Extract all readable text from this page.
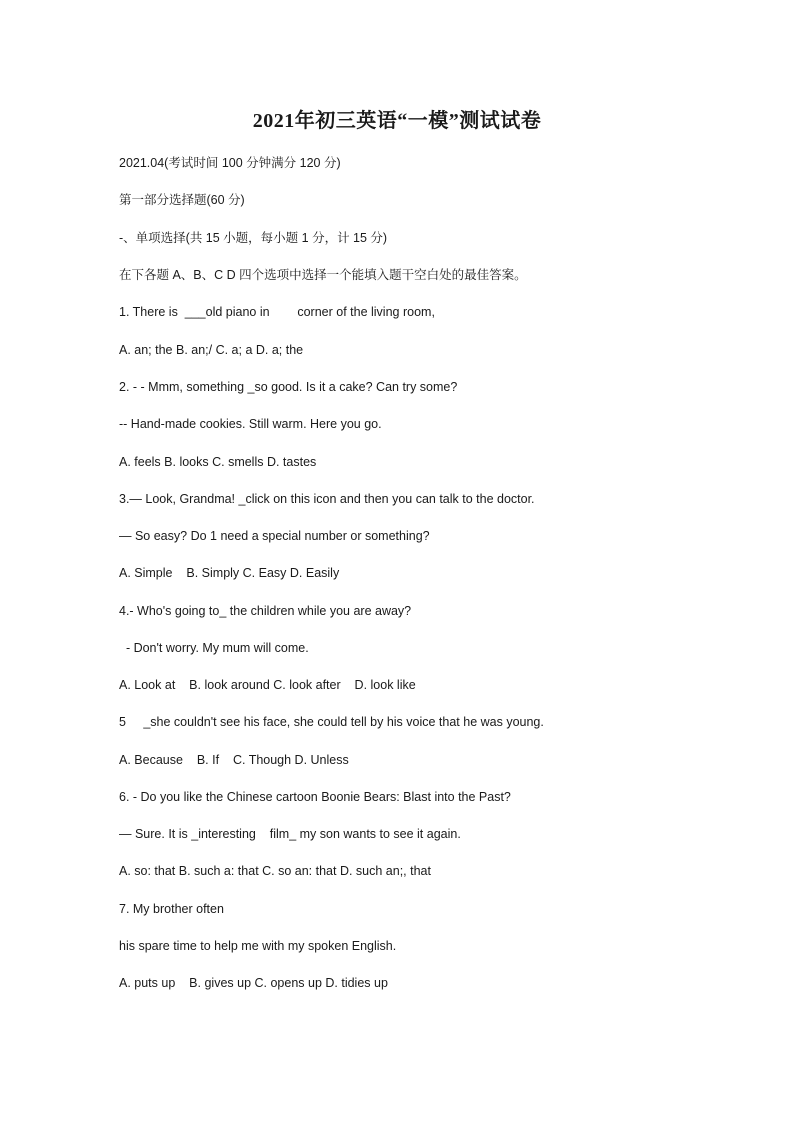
2021年初三英语“一模”测试试卷
2021.04(考试时间 100 分钟满分 120 分)
第一部分选择题(60 分)
-、单项选择(共 15 小题，每小题 1 分，计 15 分)
在下各题 A、B、C D 四个选项中选择一个能填入题干空白处的最佳答案。
1. There is  ___old piano in        corner of the living room,
A. an; the B. an;/ C. a; a D. a; the
2. - - Mmm, something _so good. Is it a cake? Can try some?
-- Hand-made cookies. Still warm. Here you go.
A. feels B. looks C. smells D. tastes
3.— Look, Grandma! _click on this icon and then you can talk to the doctor.
— So easy? Do 1 need a special number or something?
A. Simple    B. Simply C. Easy D. Easily
4.- Who's going to_ the children while you are away?
- Don't worry. My mum will come.
A. Look at    B. look around C. look after    D. look like
5     _she couldn't see his face, she could tell by his voice that he was young.
A. Because    B. If    C. Though D. Unless
6. - Do you like the Chinese cartoon Boonie Bears: Blast into the Past?
— Sure. It is _interesting    film_ my son wants to see it again.
A. so: that B. such a: that C. so an: that D. such an;, that
7. My brother often
his spare time to help me with my spoken English.
A. puts up    B. gives up C. opens up D. tidies up
